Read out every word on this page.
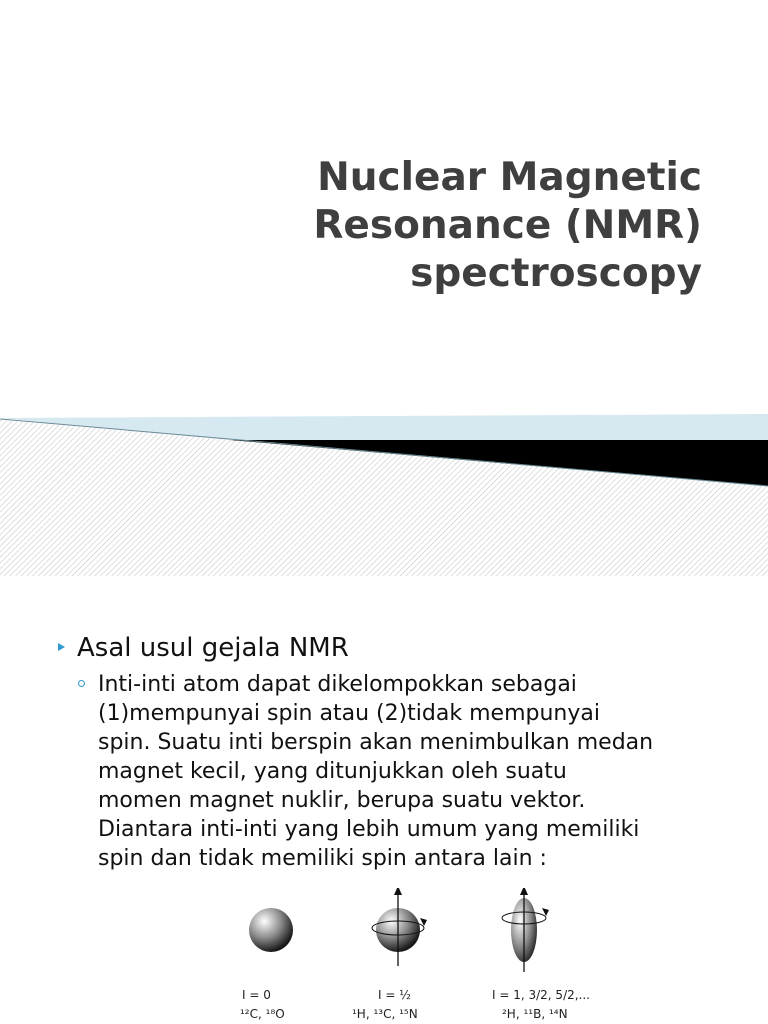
Nuclear Magnetic
Resonance (NMR)
spectroscopy
Asal usul gejala NMR
Inti-inti atom dapat dikelompokkan sebagai
(1)mempunyai spin atau (2)tidak mempunyai
spin. Suatu inti berspin akan menimbulkan medan
magnet kecil, yang ditunjukkan oleh suatu
momen magnet nuklir, berupa suatu vektor.
Diantara inti-inti yang lebih umum yang memiliki
spin dan tidak memiliki spin antara lain :
I = 0
¹²C, ¹⁸O
I = ½
¹H, ¹³C, ¹⁵N
I = 1, 3/2, 5/2,...
²H, ¹¹B, ¹⁴N
